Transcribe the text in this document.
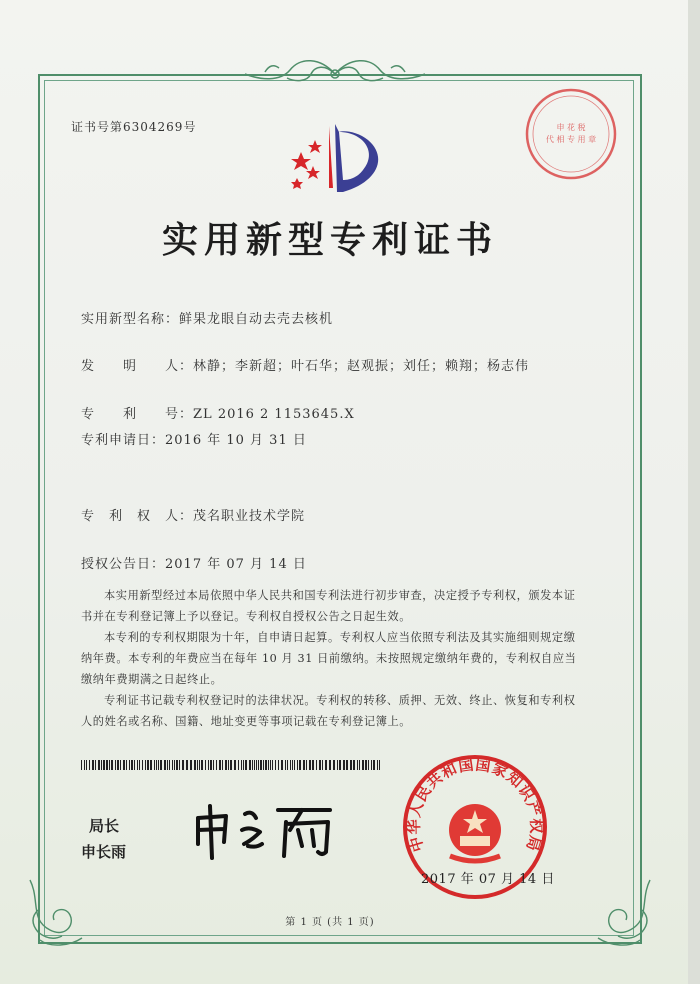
证书号第6304269号	申 花 税
代 相 专 用 章
实用新型专利证书
实用新型名称：鲜果龙眼自动去壳去核机
发　　明　　人：林静；李新超；叶石华；赵观振；刘任；赖翔；杨志伟
专　　利　　号：ZL 2016 2 1153645.X
专利申请日：2016 年 10 月 31 日
专　利　权　人：茂名职业技术学院
授权公告日：2017 年 07 月 14 日
本实用新型经过本局依照中华人民共和国专利法进行初步审查，决定授予专利权，颁发本证书并在专利登记簿上予以登记。专利权自授权公告之日起生效。
本专利的专利权期限为十年，自申请日起算。专利权人应当依照专利法及其实施细则规定缴纳年费。本专利的年费应当在每年 10 月 31 日前缴纳。未按照规定缴纳年费的，专利权自应当缴纳年费期满之日起终止。
专利证书记载专利权登记时的法律状况。专利权的转移、质押、无效、终止、恢复和专利权人的姓名或名称、国籍、地址变更等事项记载在专利登记簿上。
局长
申长雨	中华人民共和国国家知识产权局
2017 年 07 月 14 日
第 1 页 (共 1 页)
